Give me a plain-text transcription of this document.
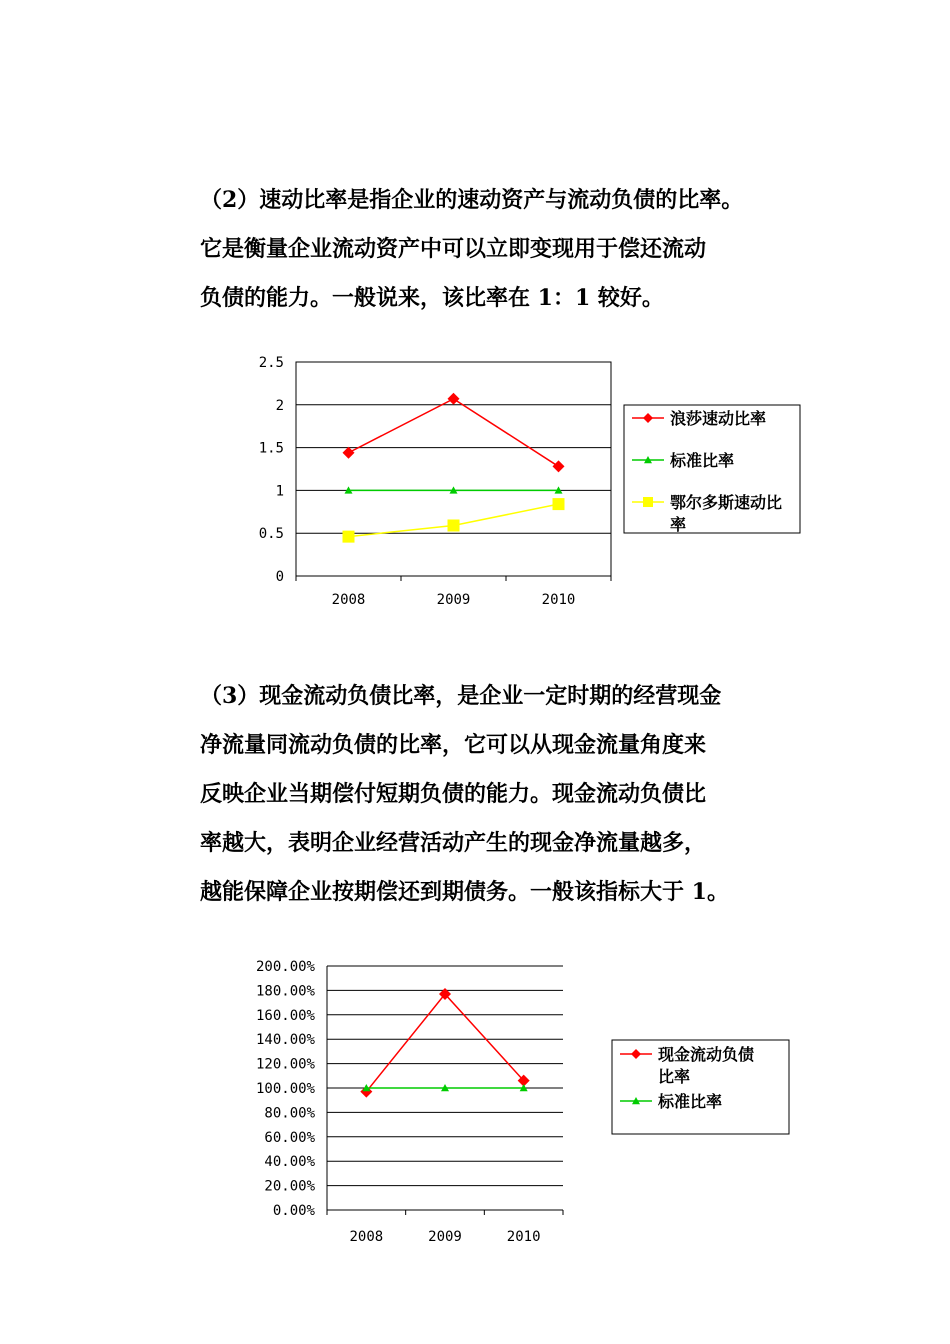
（2）速动比率是指企业的速动资产与流动负债的比率。
它是衡量企业流动资产中可以立即变现用于偿还流动
负债的能力。一般说来，该比率在 1：1 较好。
0
0.5
1
1.5
2
2.5
2008	2009	2010
浪莎速动比率
标准比率
鄂尔多斯速动比率
（3）现金流动负债比率，是企业一定时期的经营现金
净流量同流动负债的比率，它可以从现金流量角度来
反映企业当期偿付短期负债的能力。现金流动负债比
率越大，表明企业经营活动产生的现金净流量越多，
越能保障企业按期偿还到期债务。一般该指标大于 1。
0.00%
20.00%
40.00%
60.00%
80.00%
100.00%
120.00%
140.00%
160.00%
180.00%
200.00%
2008	2009	2010
现金流动负债比率
标准比率
